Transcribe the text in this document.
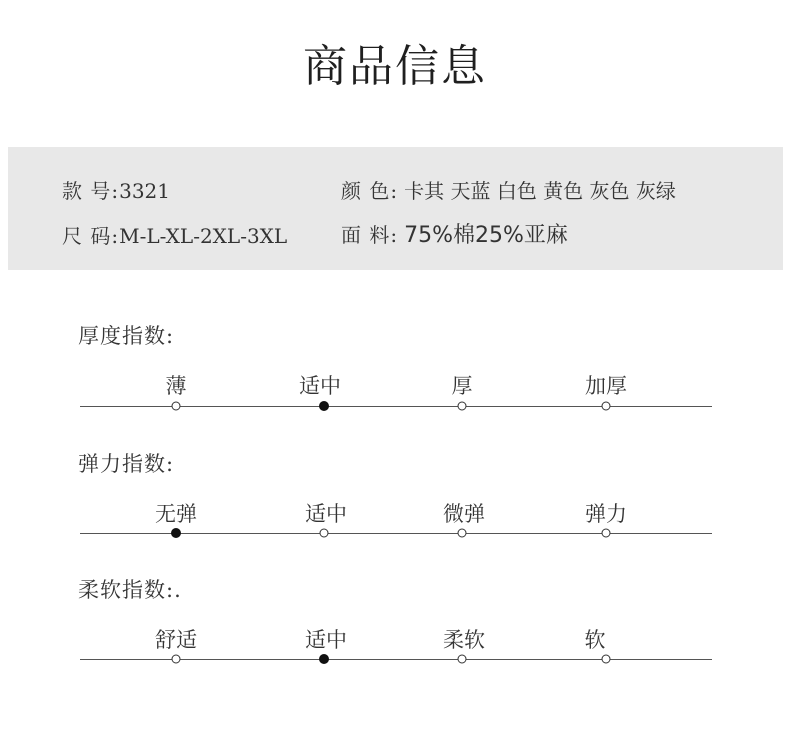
商品信息
款 号:3321	颜 色: 卡其 天蓝 白色 黄色 灰色 灰绿
尺 码:M-L-XL-2XL-3XL	面 料: 75%棉25%亚麻
厚度指数:
薄	适中	厚	加厚
弹力指数:
无弹	适中	微弹	弹力
柔软指数:.
舒适	适中	柔软	软
